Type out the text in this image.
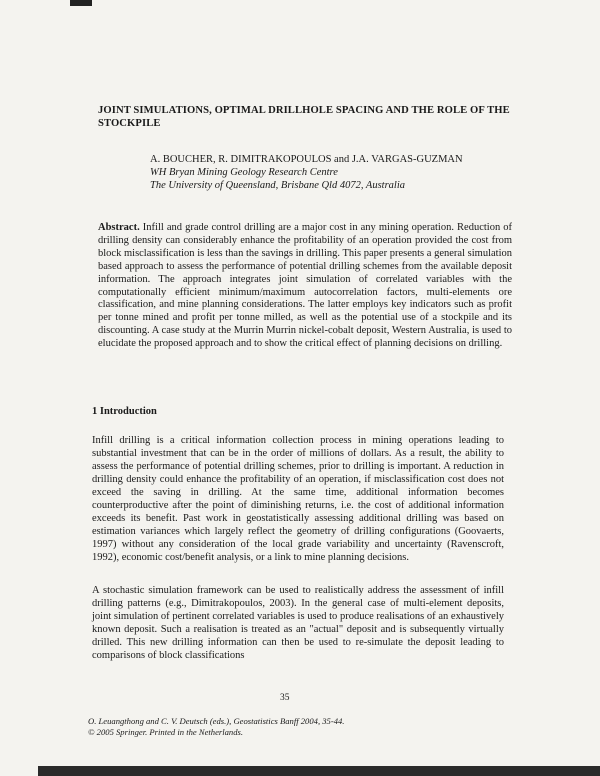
JOINT SIMULATIONS, OPTIMAL DRILLHOLE SPACING AND THE ROLE OF THE STOCKPILE
A. BOUCHER, R. DIMITRAKOPOULOS and J.A. VARGAS-GUZMAN
WH Bryan Mining Geology Research Centre
The University of Queensland, Brisbane Qld 4072, Australia
Abstract. Infill and grade control drilling are a major cost in any mining operation. Reduction of drilling density can considerably enhance the profitability of an operation provided the cost from block misclassification is less than the savings in drilling. This paper presents a general simulation based approach to assess the performance of potential drilling schemes from the available deposit information. The approach integrates joint simulation of correlated variables with the computationally efficient minimum/maximum autocorrelation factors, multi-elements ore classification, and mine planning considerations. The latter employs key indicators such as profit per tonne mined and profit per tonne milled, as well as the potential use of a stockpile and its discounting. A case study at the Murrin Murrin nickel-cobalt deposit, Western Australia, is used to elucidate the proposed approach and to show the critical effect of planning decisions on drilling.
1 Introduction
Infill drilling is a critical information collection process in mining operations leading to substantial investment that can be in the order of millions of dollars. As a result, the ability to assess the performance of potential drilling schemes, prior to drilling is important. A reduction in drilling density could enhance the profitability of an operation, if misclassification cost does not exceed the saving in drilling. At the same time, additional information becomes counterproductive after the point of diminishing returns, i.e. the cost of additional information exceeds its benefit. Past work in geostatistically assessing additional drilling was based on estimation variances which largely reflect the geometry of drilling configurations (Goovaerts, 1997) without any consideration of the local grade variability and uncertainty (Ravenscroft, 1992), economic cost/benefit analysis, or a link to mine planning decisions.
A stochastic simulation framework can be used to realistically address the assessment of infill drilling patterns (e.g., Dimitrakopoulos, 2003). In the general case of multi-element deposits, joint simulation of pertinent correlated variables is used to produce realisations of an exhaustively known deposit. Such a realisation is treated as an "actual" deposit and is subsequently virtually drilled. This new drilling information can then be used to re-simulate the deposit leading to comparisons of block classifications
35
O. Leuangthong and C. V. Deutsch (eds.), Geostatistics Banff 2004, 35-44.
© 2005 Springer. Printed in the Netherlands.
